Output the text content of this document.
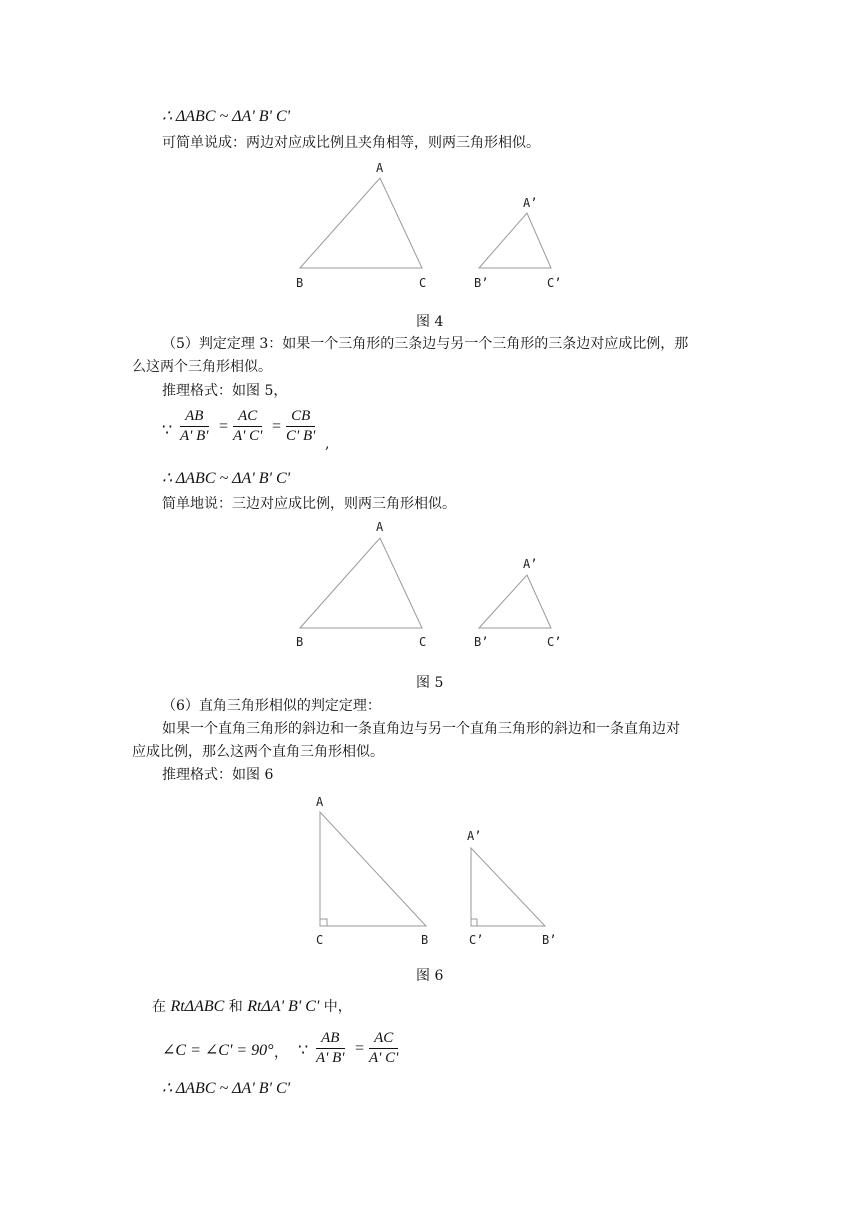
∴ ΔABC ~ ΔA' B' C'
可简单说成：两边对应成比例且夹角相等，则两三角形相似。
A
B	C
A’
B’	C’
A
B	C
A’
B’	C’
A
C	B
A’
C’	B’
图 4
（5）判定定理 3：如果一个三角形的三条边与另一个三角形的三条边对应成比例，那
么这两个三角形相似。
推理格式：如图 5，
∵ $\frac{AB}{A' B'} = \frac{AC}{A' C'} = \frac{CB}{C' B'}$ ,
∴ ΔABC ~ ΔA' B' C'
简单地说：三边对应成比例，则两三角形相似。
图 5
（6）直角三角形相似的判定定理：
如果一个直角三角形的斜边和一条直角边与另一个直角三角形的斜边和一条直角边对
应成比例，那么这两个直角三角形相似。
推理格式：如图 6
图 6
在 RtΔABC 和 RtΔA' B' C' 中，
∠C = ∠C' = 90° ， ∵ $\frac{AB}{A' B'} = \frac{AC}{A' C'}$
∴ ΔABC ~ ΔA' B' C'
